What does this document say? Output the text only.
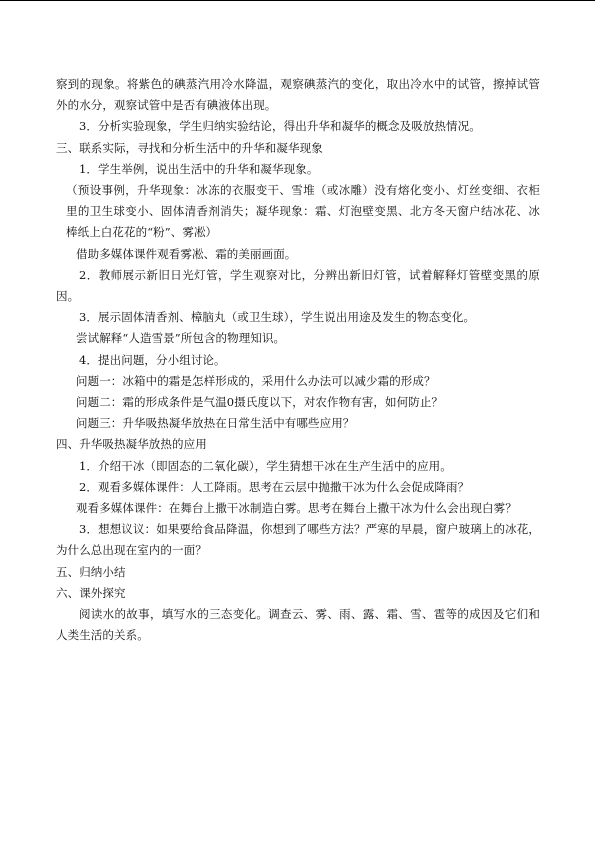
察到的现象。将紫色的碘蒸汽用冷水降温，观察碘蒸汽的变化，取出冷水中的试管，擦掉试管外的水分，观察试管中是否有碘液体出现。

3．分析实验现象，学生归纳实验结论，得出升华和凝华的概念及吸放热情况。

三、联系实际，寻找和分析生活中的升华和凝华现象

1．学生举例，说出生活中的升华和凝华现象。

（预设事例，升华现象：冰冻的衣服变干、雪堆（或冰雕）没有熔化变小、灯丝变细、衣柜里的卫生球变小、固体清香剂消失；凝华现象：霜、灯泡壁变黑、北方冬天窗户结冰花、冰棒纸上白花花的“粉”、雾凇）

借助多媒体课件观看雾凇、霜的美丽画面。

2．教师展示新旧日光灯管，学生观察对比，分辨出新旧灯管，试着解释灯管壁变黑的原因。

3．展示固体清香剂、樟脑丸（或卫生球），学生说出用途及发生的物态变化。

尝试解释“人造雪景”所包含的物理知识。

4．提出问题，分小组讨论。

问题一：冰箱中的霜是怎样形成的，采用什么办法可以减少霜的形成？

问题二：霜的形成条件是气温0摄氏度以下，对农作物有害，如何防止？

问题三：升华吸热凝华放热在日常生活中有哪些应用？

四、升华吸热凝华放热的应用

1．介绍干冰（即固态的二氧化碳），学生猜想干冰在生产生活中的应用。

2．观看多媒体课件：人工降雨。思考在云层中抛撒干冰为什么会促成降雨？

观看多媒体课件：在舞台上撒干冰制造白雾。思考在舞台上撒干冰为什么会出现白雾？

3．想想议议：如果要给食品降温，你想到了哪些方法？严寒的早晨，窗户玻璃上的冰花，为什么总出现在室内的一面？

五、归纳小结

六、课外探究

阅读水的故事，填写水的三态变化。调查云、雾、雨、露、霜、雪、雹等的成因及它们和人类生活的关系。
